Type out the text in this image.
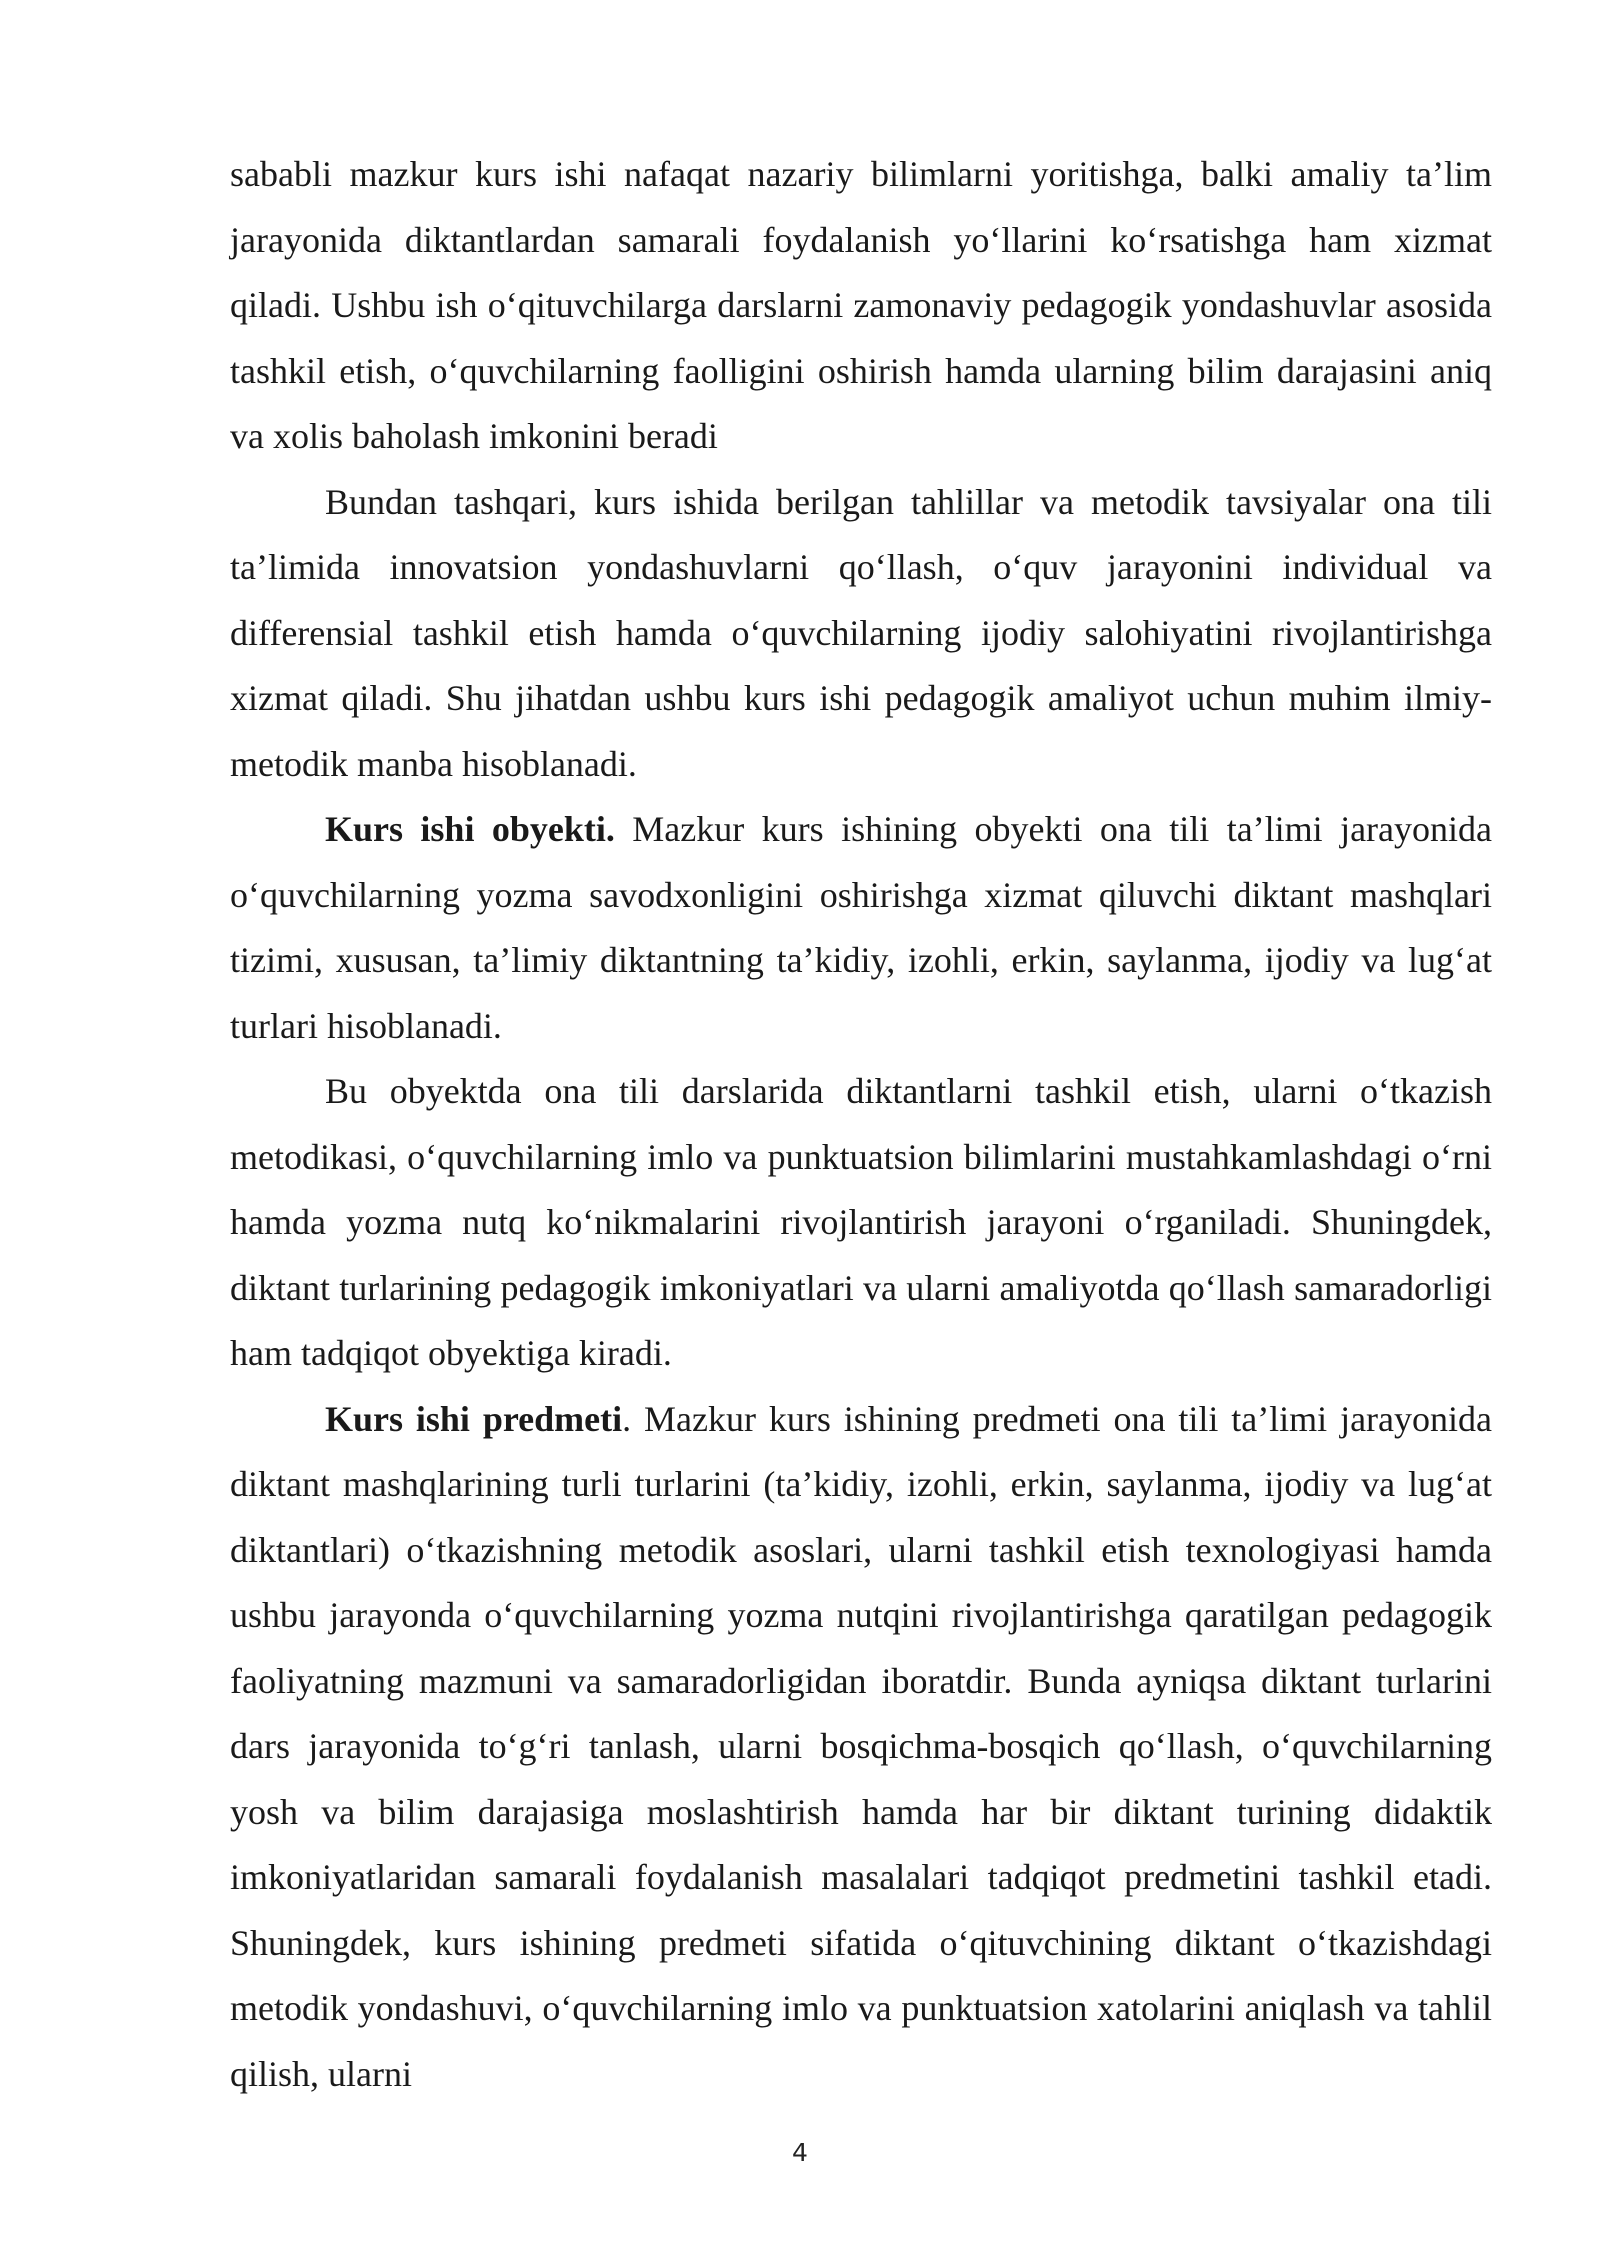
sababli mazkur kurs ishi nafaqat nazariy bilimlarni yoritishga, balki amaliy ta’lim jarayonida diktantlardan samarali foydalanish yo‘llarini ko‘rsatishga ham xizmat qiladi. Ushbu ish o‘qituvchilarga darslarni zamonaviy pedagogik yondashuvlar asosida tashkil etish, o‘quvchilarning faolligini oshirish hamda ularning bilim darajasini aniq va xolis baholash imkonini beradi

Bundan tashqari, kurs ishida berilgan tahlillar va metodik tavsiyalar ona tili ta’limida innovatsion yondashuvlarni qo‘llash, o‘quv jarayonini individual va differensial tashkil etish hamda o‘quvchilarning ijodiy salohiyatini rivojlantirishga xizmat qiladi. Shu jihatdan ushbu kurs ishi pedagogik amaliyot uchun muhim ilmiy-metodik manba hisoblanadi.

Kurs ishi obyekti. Mazkur kurs ishining obyekti ona tili ta’limi jarayonida o‘quvchilarning yozma savodxonligini oshirishga xizmat qiluvchi diktant mashqlari tizimi, xususan, ta’limiy diktantning ta’kidiy, izohli, erkin, saylanma, ijodiy va lug‘at turlari hisoblanadi.

Bu obyektda ona tili darslarida diktantlarni tashkil etish, ularni o‘tkazish metodikasi, o‘quvchilarning imlo va punktuatsion bilimlarini mustahkamlashdagi o‘rni hamda yozma nutq ko‘nikmalarini rivojlantirish jarayoni o‘rganiladi. Shuningdek, diktant turlarining pedagogik imkoniyatlari va ularni amaliyotda qo‘llash samaradorligi ham tadqiqot obyektiga kiradi.

Kurs ishi predmeti. Mazkur kurs ishining predmeti ona tili ta’limi jarayonida diktant mashqlarining turli turlarini (ta’kidiy, izohli, erkin, saylanma, ijodiy va lug‘at diktantlari) o‘tkazishning metodik asoslari, ularni tashkil etish texnologiyasi hamda ushbu jarayonda o‘quvchilarning yozma nutqini rivojlantirishga qaratilgan pedagogik faoliyatning mazmuni va samaradorligidan iboratdir. Bunda ayniqsa diktant turlarini dars jarayonida to‘g‘ri tanlash, ularni bosqichma-bosqich qo‘llash, o‘quvchilarning yosh va bilim darajasiga moslashtirish hamda har bir diktant turining didaktik imkoniyatlaridan samarali foydalanish masalalari tadqiqot predmetini tashkil etadi. Shuningdek, kurs ishining predmeti sifatida o‘qituvchining diktant o‘tkazishdagi metodik yondashuvi, o‘quvchilarning imlo va punktuatsion xatolarini aniqlash va tahlil qilish, ularni

4
